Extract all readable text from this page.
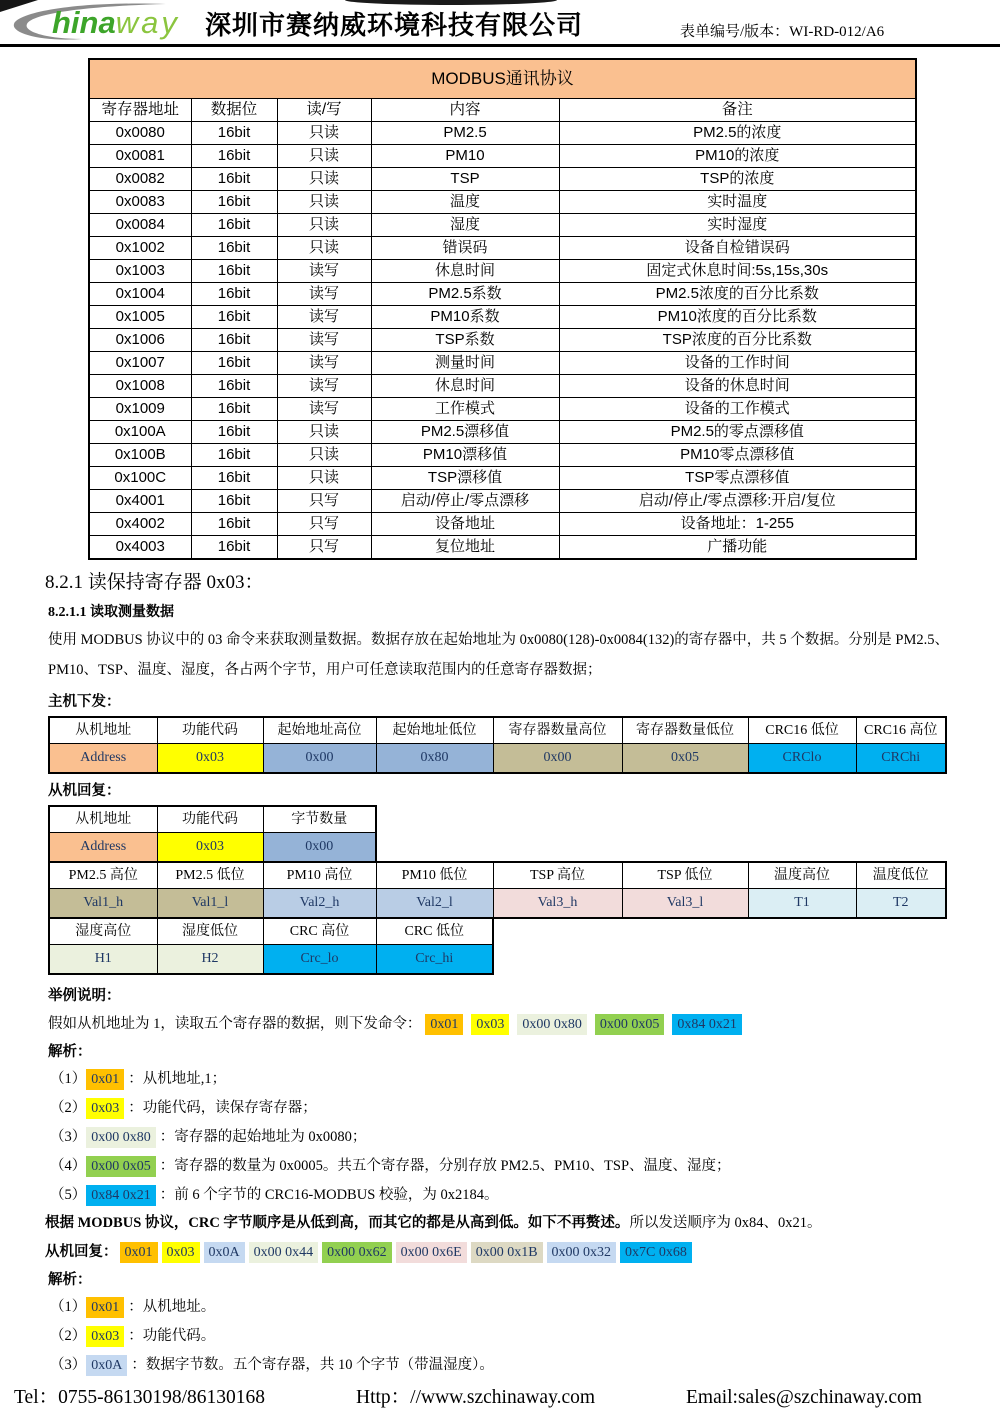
hinaway 深圳市赛纳威环境科技有限公司	表单编号/版本：WI-RD-012/A6
MODBUS通讯协议				
寄存器地址	数据位	读/写	内容	备注
0x0080	16bit	只读	PM2.5	PM2.5的浓度
0x0081	16bit	只读	PM10	PM10的浓度
0x0082	16bit	只读	TSP	TSP的浓度
0x0083	16bit	只读	温度	实时温度
0x0084	16bit	只读	湿度	实时湿度
0x1002	16bit	只读	错误码	设备自检错误码
0x1003	16bit	读写	休息时间	固定式休息时间:5s,15s,30s
0x1004	16bit	读写	PM2.5系数	PM2.5浓度的百分比系数
0x1005	16bit	读写	PM10系数	PM10浓度的百分比系数
0x1006	16bit	读写	TSP系数	TSP浓度的百分比系数
0x1007	16bit	读写	测量时间	设备的工作时间
0x1008	16bit	读写	休息时间	设备的休息时间
0x1009	16bit	读写	工作模式	设备的工作模式
0x100A	16bit	只读	PM2.5漂移值	PM2.5的零点漂移值
0x100B	16bit	只读	PM10漂移值	PM10零点漂移值
0x100C	16bit	只读	TSP漂移值	TSP零点漂移值
0x4001	16bit	只写	启动/停止/零点漂移	启动/停止/零点漂移:开启/复位
0x4002	16bit	只写	设备地址	设备地址：1-255
0x4003	16bit	只写	复位地址	广播功能
8.2.1 读保持寄存器 0x03：
8.2.1.1 读取测量数据
使用 MODBUS 协议中的 03 命令来获取测量数据。数据存放在起始地址为 0x0080(128)-0x0084(132)的寄存器中，共 5 个数据。分别是 PM2.5、PM10、TSP、温度、湿度，各占两个字节，用户可任意读取范围内的任意寄存器数据；
主机下发：
从机地址	功能代码	起始地址高位	起始地址低位	寄存器数量高位	寄存器数量低位	CRC16 低位	CRC16 高位
Address	0x03	0x00	0x80	0x00	0x05	CRClo	CRChi
从机回复：
从机地址	功能代码	字节数量
Address	0x03	0x00
PM2.5 高位	PM2.5 低位	PM10 高位	PM10 低位	TSP 高位	TSP 低位	温度高位	温度低位
Val1_h	Val1_l	Val2_h	Val2_l	Val3_h	Val3_l	T1	T2
湿度高位	湿度低位	CRC 高位	CRC 低位
H1	H2	Crc_lo	Crc_hi
举例说明：
假如从机地址为 1，读取五个寄存器的数据，则下发命令： 0x01 0x03 0x00 0x80 0x00 0x05 0x84 0x21
解析：
（1） 0x01 ：从机地址,1；
（2） 0x03 ：功能代码，读保存寄存器；
（3） 0x00 0x80 ：寄存器的起始地址为 0x0080；
（4） 0x00 0x05 ：寄存器的数量为 0x0005。共五个寄存器，分别存放 PM2.5、PM10、TSP、温度、湿度；
（5） 0x84 0x21 ：前 6 个字节的 CRC16-MODBUS 校验，为 0x2184。
根据 MODBUS 协议，CRC 字节顺序是从低到高，而其它的都是从高到低。如下不再赘述。所以发送顺序为 0x84、0x21。
从机回复： 0x01 0x03 0x0A 0x00 0x44 0x00 0x62 0x00 0x6E 0x00 0x1B 0x00 0x32 0x7C 0x68
解析：
（1） 0x01 ：从机地址。
（2） 0x03 ：功能代码。
（3） 0x0A ：数据字节数。五个寄存器，共 10 个字节（带温湿度）。
Tel：0755-86130198/86130168	Http：//www.szchinaway.com	Email:sales@szchinaway.com
